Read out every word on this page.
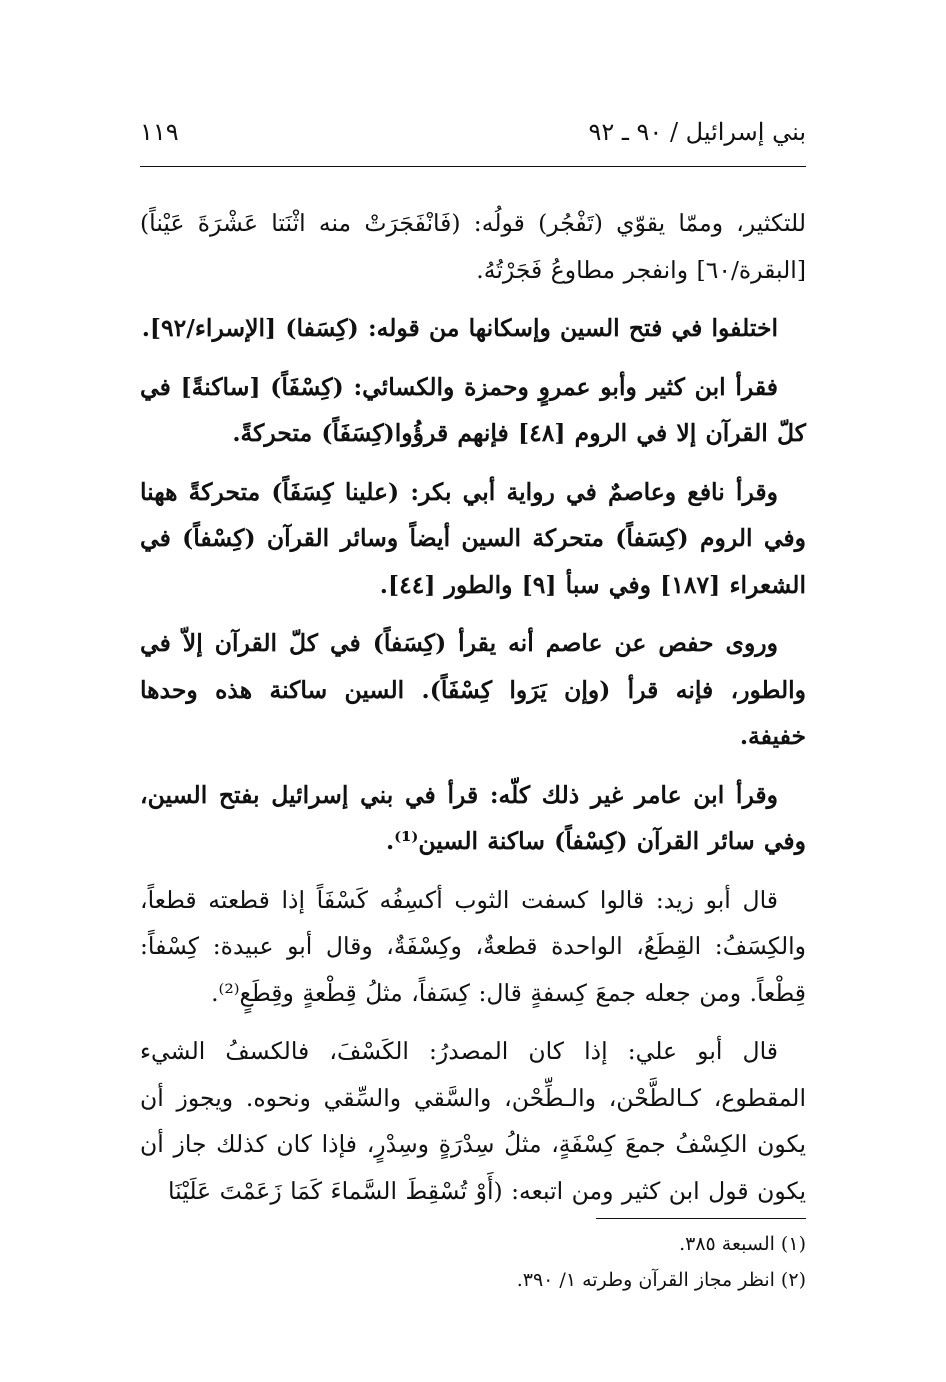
بني إسرائيل / ٩٠ ـ ٩٢
١١٩

للتكثير، وممّا يقوّي (تَفْجُر) قولُه: (فَانْفَجَرَتْ منه اثْنَتا عَشْرَةَ عَيْناً) [البقرة/٦٠] وانفجر مطاوعُ فَجَرْتُهُ.

اختلفوا في فتح السين وإسكانها من قوله: (كِسَفا) [الإسراء/٩٢].

فقرأ ابن كثير وأبو عمروٍ وحمزة والكسائي: (كِسْفَاً) [ساكنةً] في كلّ القرآن إلا في الروم [٤٨] فإنهم قرؤُوا(كِسَفَاً) متحركةً.

وقرأ نافع وعاصمٌ في رواية أبي بكر: (علينا كِسَفَاً) متحركةً ههنا وفي الروم (كِسَفاً) متحركة السين أيضاً وسائر القرآن (كِسْفاً) في الشعراء [١٨٧] وفي سبأ [٩] والطور [٤٤].

وروى حفص عن عاصم أنه يقرأ (كِسَفاً) في كلّ القرآن إلاّ في والطور، فإنه قرأ (وإن يَرَوا كِسْفَاً). السين ساكنة هذه وحدها خفيفة.

وقرأ ابن عامر غير ذلك كلّه: قرأ في بني إسرائيل بفتح السين، وفي سائر القرآن (كِسْفاً) ساكنة السين⁽¹⁾.

قال أبو زيد: قالوا كسفت الثوب أكسِفُه كَسْفَاً إذا قطعته قطعاً، والكِسَفُ: القِطَعُ، الواحدة قطعةٌ، وكِسْفَةٌ، وقال أبو عبيدة: كِسْفاً: قِطْعاً. ومن جعله جمعَ كِسفةٍ قال: كِسَفاً، مثلُ قِطْعةٍ وقِطَعٍ⁽²⁾.

قال أبو علي: إذا كان المصدرُ: الكَسْفَ، فالكسفُ الشيء المقطوع، كـالطَّحْن، والـطِّحْن، والسَّقي والسِّقي ونحوه. ويجوز أن يكون الكِسْفُ جمعَ كِسْفَةٍ، مثلُ سِدْرَةٍ وسِدْرٍ، فإذا كان كذلك جاز أن يكون قول ابن كثير ومن اتبعه: (أَوْ تُسْقِطَ السَّماءَ كَمَا زَعَمْتَ عَلَيْنَا

(١) السبعة ٣٨٥.

(٢) انظر مجاز القرآن وطرته ١/ ٣٩٠.
